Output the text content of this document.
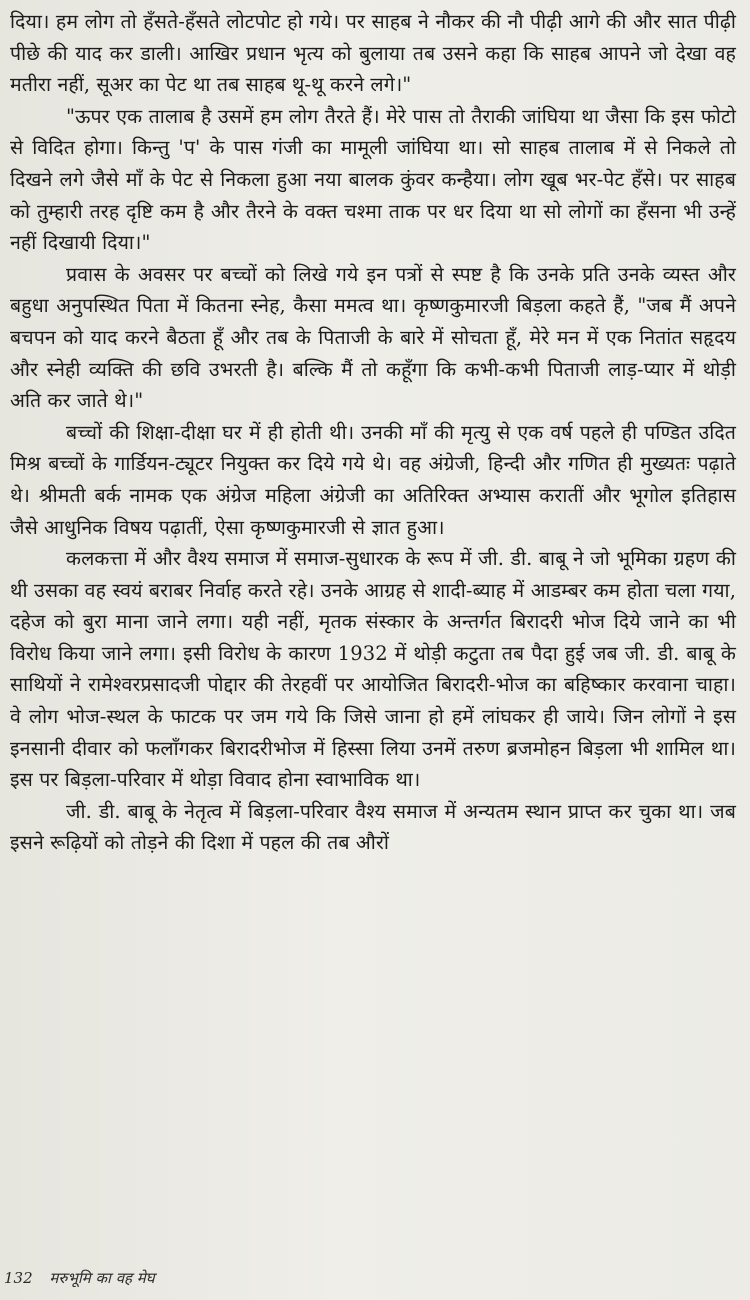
दिया। हम लोग तो हँसते-हँसते लोटपोट हो गये। पर साहब ने नौकर की नौ पीढ़ी आगे की और सात पीढ़ी पीछे की याद कर डाली। आखिर प्रधान भृत्य को बुलाया तब उसने कहा कि साहब आपने जो देखा वह मतीरा नहीं, सूअर का पेट था तब साहब थू-थू करने लगे।"

"ऊपर एक तालाब है उसमें हम लोग तैरते हैं। मेरे पास तो तैराकी जांघिया था जैसा कि इस फोटो से विदित होगा। किन्तु 'प' के पास गंजी का मामूली जांघिया था। सो साहब तालाब में से निकले तो दिखने लगे जैसे माँ के पेट से निकला हुआ नया बालक कुंवर कन्हैया। लोग खूब भर-पेट हँसे। पर साहब को तुम्हारी तरह दृष्टि कम है और तैरने के वक्त चश्मा ताक पर धर दिया था सो लोगों का हँसना भी उन्हें नहीं दिखायी दिया।"

प्रवास के अवसर पर बच्चों को लिखे गये इन पत्रों से स्पष्ट है कि उनके प्रति उनके व्यस्त और बहुधा अनुपस्थित पिता में कितना स्नेह, कैसा ममत्व था। कृष्णकुमारजी बिड़ला कहते हैं, "जब मैं अपने बचपन को याद करने बैठता हूँ और तब के पिताजी के बारे में सोचता हूँ, मेरे मन में एक नितांत सहृदय और स्नेही व्यक्ति की छवि उभरती है। बल्कि मैं तो कहूँगा कि कभी-कभी पिताजी लाड़-प्यार में थोड़ी अति कर जाते थे।"

बच्चों की शिक्षा-दीक्षा घर में ही होती थी। उनकी माँ की मृत्यु से एक वर्ष पहले ही पण्डित उदित मिश्र बच्चों के गार्डियन-ट्यूटर नियुक्त कर दिये गये थे। वह अंग्रेजी, हिन्दी और गणित ही मुख्यतः पढ़ाते थे। श्रीमती बर्क नामक एक अंग्रेज महिला अंग्रेजी का अतिरिक्त अभ्यास करातीं और भूगोल इतिहास जैसे आधुनिक विषय पढ़ातीं, ऐसा कृष्णकुमारजी से ज्ञात हुआ।

कलकत्ता में और वैश्य समाज में समाज-सुधारक के रूप में जी. डी. बाबू ने जो भूमिका ग्रहण की थी उसका वह स्वयं बराबर निर्वाह करते रहे। उनके आग्रह से शादी-ब्याह में आडम्बर कम होता चला गया, दहेज को बुरा माना जाने लगा। यही नहीं, मृतक संस्कार के अन्तर्गत बिरादरी भोज दिये जाने का भी विरोध किया जाने लगा। इसी विरोध के कारण 1932 में थोड़ी कटुता तब पैदा हुई जब जी. डी. बाबू के साथियों ने रामेश्वरप्रसादजी पोद्दार की तेरहवीं पर आयोजित बिरादरी-भोज का बहिष्कार करवाना चाहा। वे लोग भोज-स्थल के फाटक पर जम गये कि जिसे जाना हो हमें लांघकर ही जाये। जिन लोगों ने इस इनसानी दीवार को फलाँगकर बिरादरीभोज में हिस्सा लिया उनमें तरुण ब्रजमोहन बिड़ला भी शामिल था। इस पर बिड़ला-परिवार में थोड़ा विवाद होना स्वाभाविक था।

जी. डी. बाबू के नेतृत्व में बिड़ला-परिवार वैश्य समाज में अन्यतम स्थान प्राप्त कर चुका था। जब इसने रूढ़ियों को तोड़ने की दिशा में पहल की तब औरों

132 मरुभूमि का वह मेघ
